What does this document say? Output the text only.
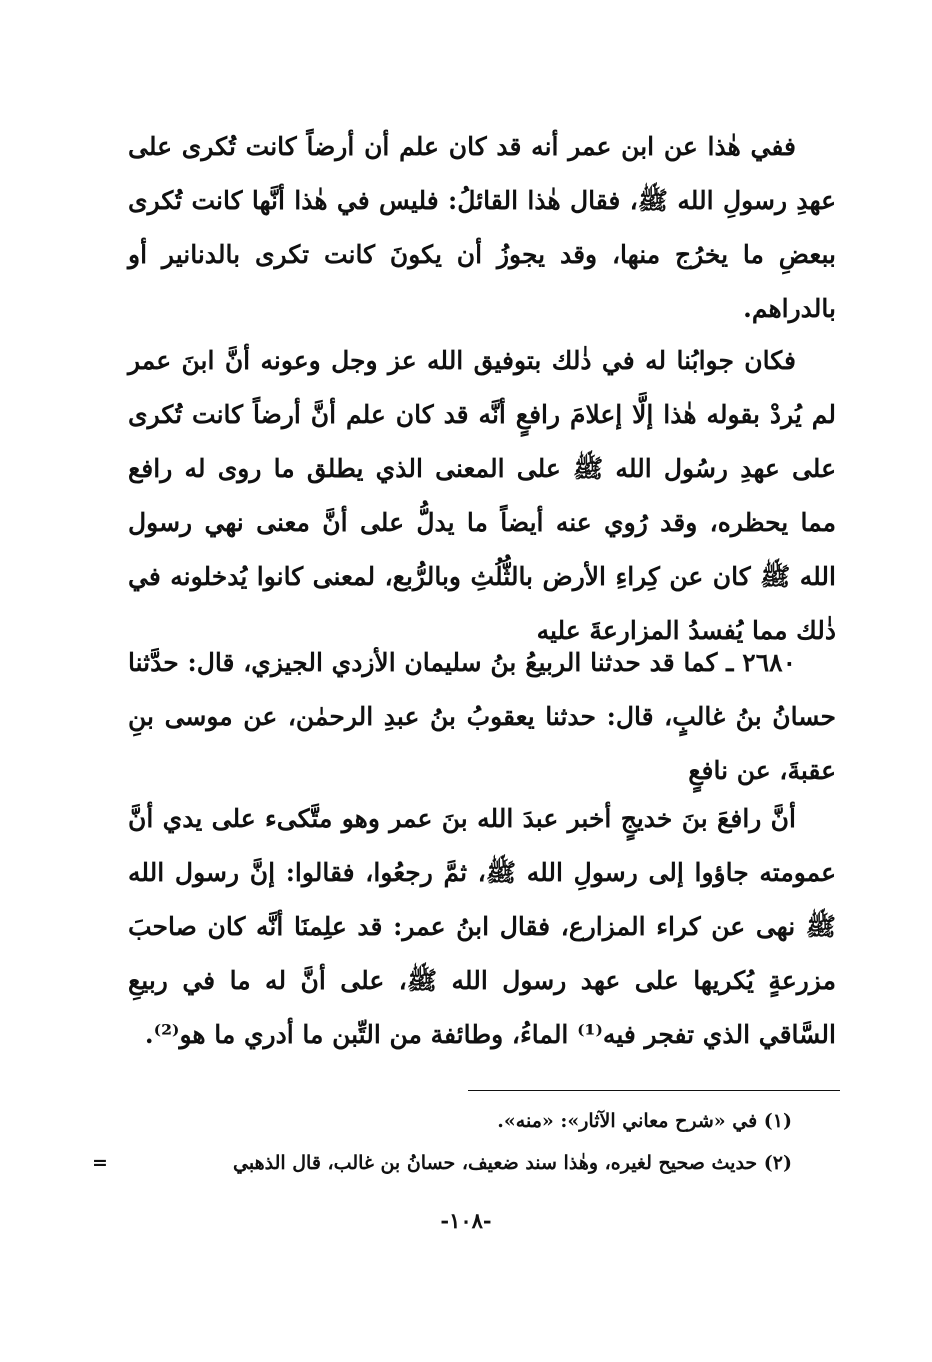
ففي هٰذا عن ابن عمر أنه قد كان علم أن أرضاً كانت تُكرى على عهدِ رسولِ الله ﷺ، فقال هٰذا القائلُ: فليس في هٰذا أنَّها كانت تُكرى ببعضِ ما يخرُج منها، وقد يجوزُ أن يكونَ كانت تكرى بالدنانير أو بالدراهم.

فكان جوابُنا له في ذٰلك بتوفيق الله عز وجل وعونه أنَّ ابنَ عمر لم يُردْ بقوله هٰذا إلَّا إعلامَ رافعٍ أنَّه قد كان علم أنَّ أرضاً كانت تُكرى على عهدِ رسُول الله ﷺ على المعنى الذي يطلق ما روى له رافع مما يحظره، وقد رُوي عنه أيضاً ما يدلُّ على أنَّ معنى نهي رسول الله ﷺ كان عن كِراءِ الأرض بالثُّلُثِ وبالرُّبع، لمعنى كانوا يُدخلونه في ذٰلك مما يُفسدُ المزارعةَ عليه

٢٦٨٠ ـ كما قد حدثنا الربيعُ بنُ سليمان الأزدي الجيزي، قال: حدَّثنا حسانُ بنُ غالبٍ، قال: حدثنا يعقوبُ بنُ عبدِ الرحمٰن، عن موسى بنِ عقبةَ، عن نافعٍ

أنَّ رافعَ بنَ خديجٍ أخبر عبدَ الله بنَ عمر وهو متَّكىء على يدي أنَّ عمومته جاؤوا إلى رسولِ الله ﷺ، ثمَّ رجعُوا، فقالوا: إنَّ رسول الله ﷺ نهى عن كراء المزارع، فقال ابنُ عمر: قد علِمنَا أنَّه كان صاحبَ مزرعةٍ يُكريها على عهد رسول الله ﷺ، على أنَّ له ما في ربيعِ السَّاقي الذي تفجر فيه⁽¹⁾ الماءُ، وطائفة من التِّبن ما أدري ما هو⁽²⁾.

(١) في «شرح معاني الآثار»: «منه».
(٢) حديث صحيح لغيره، وهٰذا سند ضعيف، حسانُ بن غالب، قال الذهبي
=
-١٠٨-
